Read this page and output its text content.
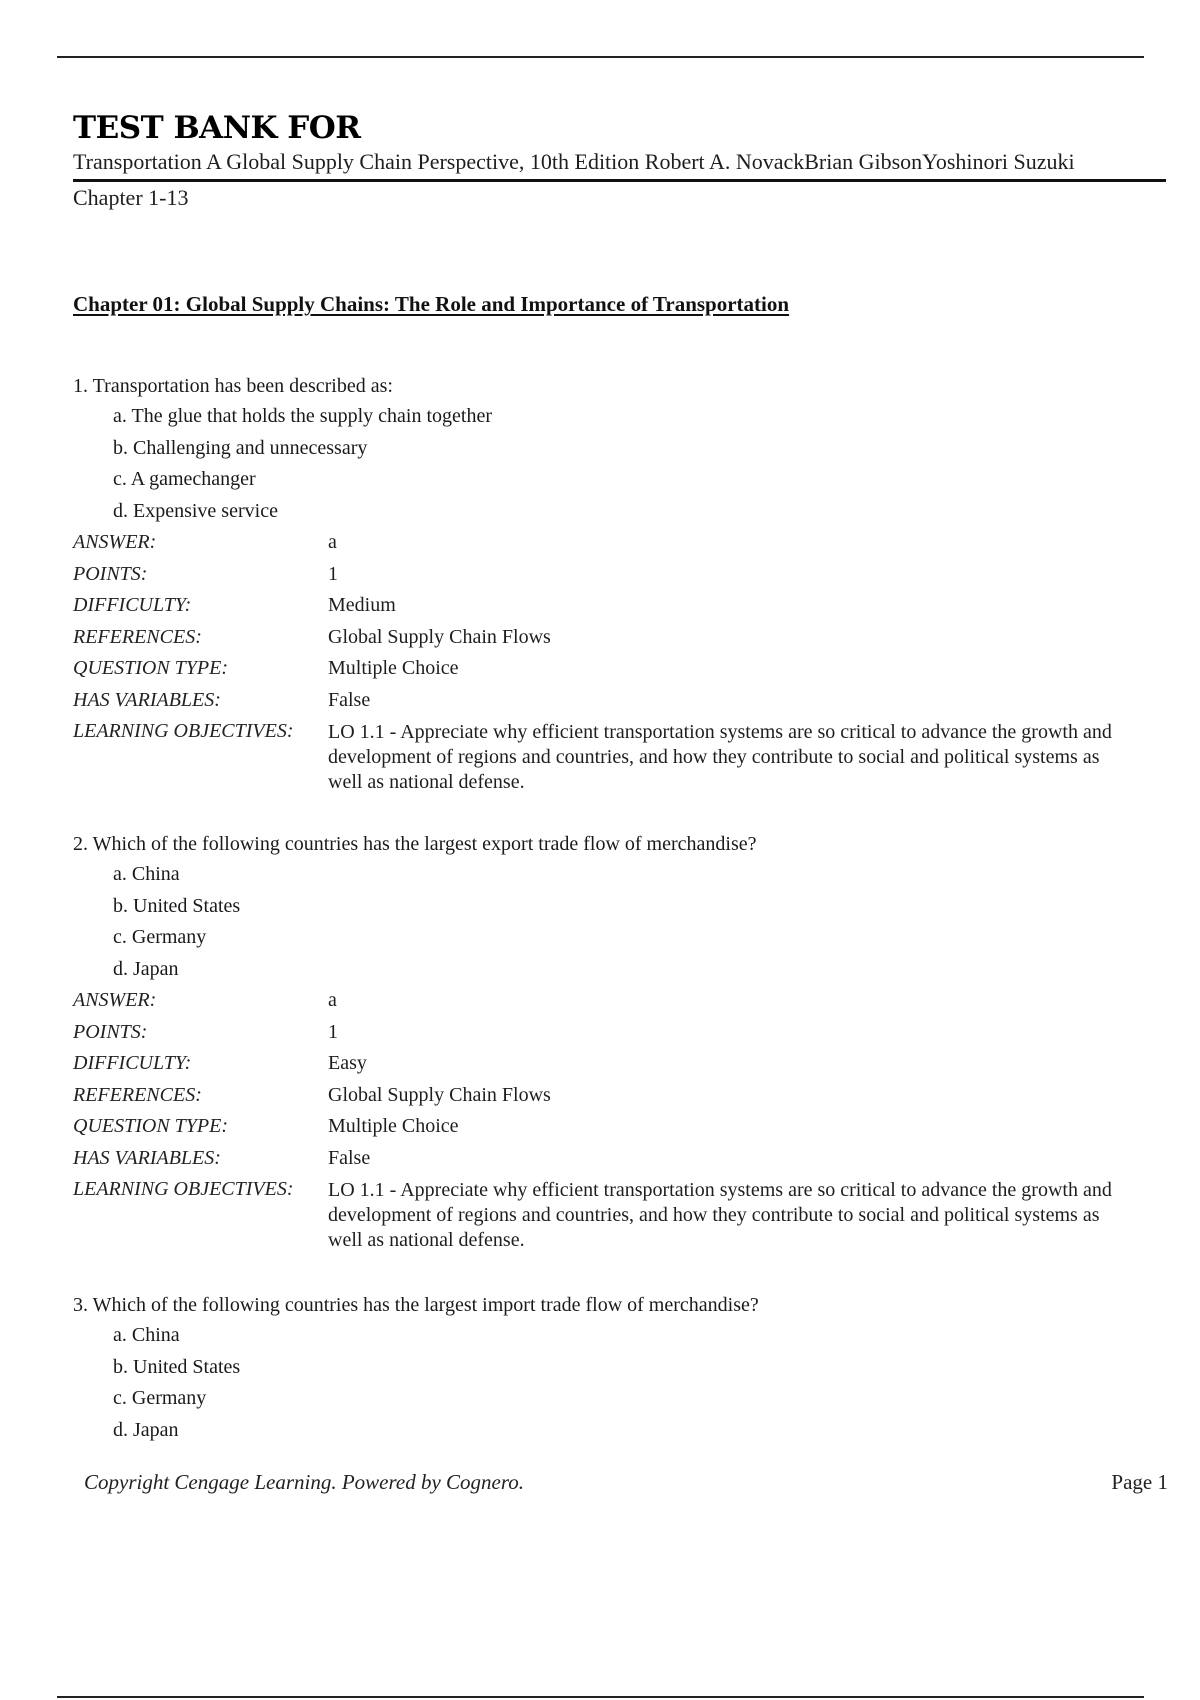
TEST BANK FOR
Transportation A Global Supply Chain Perspective, 10th Edition Robert A. NovackBrian GibsonYoshinori Suzuki
Chapter 1-13
Chapter 01: Global Supply Chains: The Role and Importance of Transportation

1. Transportation has been described as:

a. The glue that holds the supply chain together
b. Challenging and unnecessary
c. A gamechanger
d. Expensive service
ANSWER:	a
POINTS:	1
DIFFICULTY:	Medium
REFERENCES:	Global Supply Chain Flows
QUESTION TYPE:	Multiple Choice
HAS VARIABLES:	False
LEARNING OBJECTIVES:	LO 1.1 - Appreciate why efficient transportation systems are so critical to advance the growth and development of regions and countries, and how they contribute to social and political systems as well as national defense.

2. Which of the following countries has the largest export trade flow of merchandise?

a. China
b. United States
c. Germany
d. Japan
ANSWER:	a
POINTS:	1
DIFFICULTY:	Easy
REFERENCES:	Global Supply Chain Flows
QUESTION TYPE:	Multiple Choice
HAS VARIABLES:	False
LEARNING OBJECTIVES:	LO 1.1 - Appreciate why efficient transportation systems are so critical to advance the growth and development of regions and countries, and how they contribute to social and political systems as well as national defense.

3. Which of the following countries has the largest import trade flow of merchandise?

a. China
b. United States
c. Germany
d. Japan
Copyright Cengage Learning. Powered by Cognero.	Page 1
